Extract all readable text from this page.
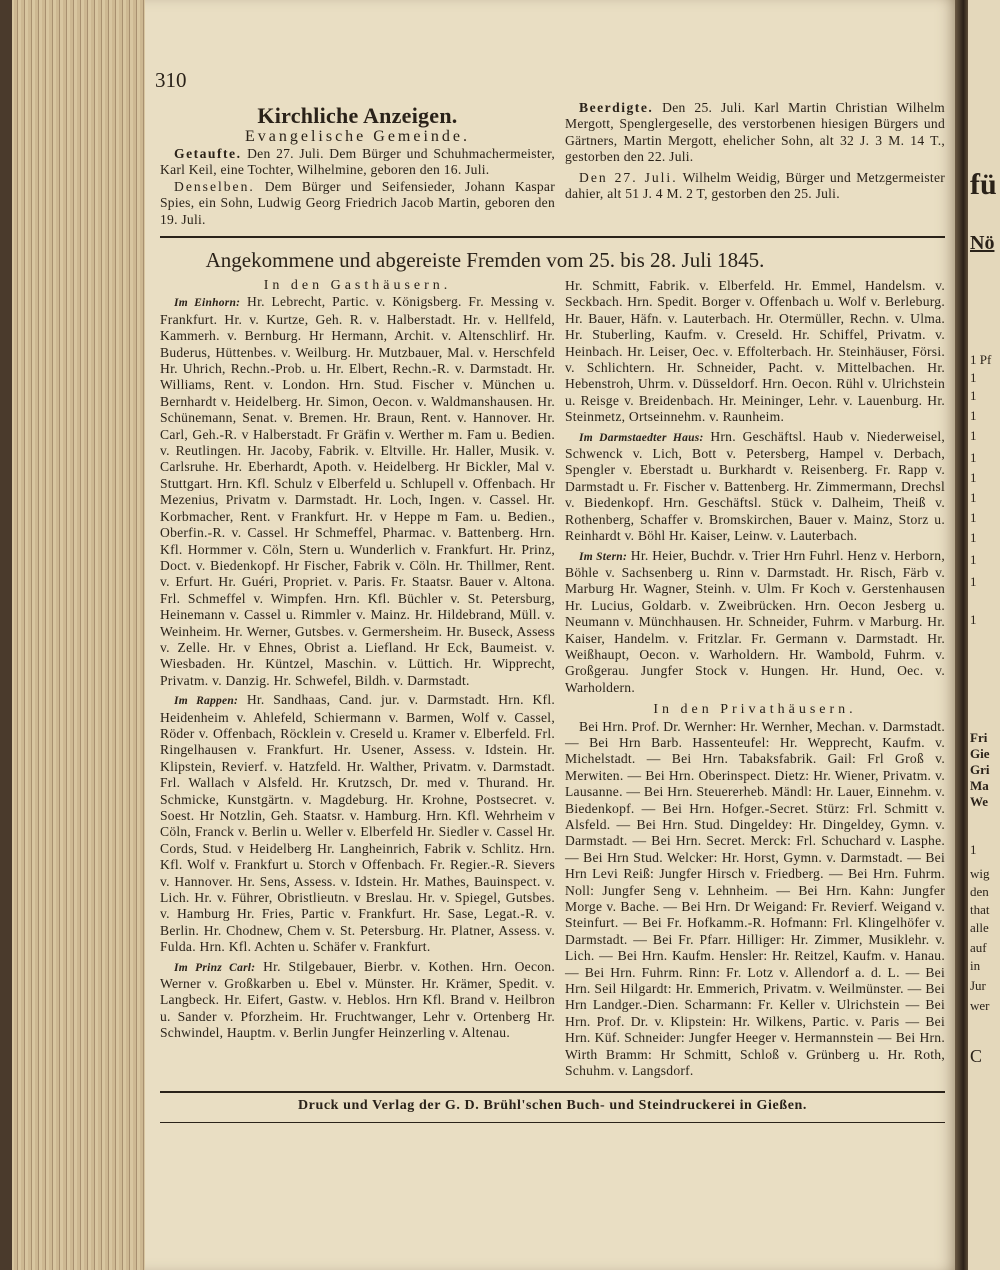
fü
Nö
1 Pf
1
1
1
1
1
1
1
1
1
1
1
1
Fri
Gie
Gri
Ma
We
1
wig
den
that
alle
auf
in
Jur
wer
C
310
Kirchliche Anzeigen.
Evangelische Gemeinde.

Getaufte. Den 27. Juli. Dem Bürger und Schuhmachermeister, Karl Keil, eine Tochter, Wilhelmine, geboren den 16. Juli.

Denselben. Dem Bürger und Seifensieder, Johann Kaspar Spies, ein Sohn, Ludwig Georg Friedrich Jacob Martin, geboren den 19. Juli.

Beerdigte. Den 25. Juli. Karl Martin Christian Wilhelm Mergott, Spenglergeselle, des verstorbenen hiesigen Bürgers und Gärtners, Martin Mergott, ehelicher Sohn, alt 32 J. 3 M. 14 T., gestorben den 22. Juli.

Den 27. Juli. Wilhelm Weidig, Bürger und Metzgermeister dahier, alt 51 J. 4 M. 2 T, gestorben den 25. Juli.

Angekommene und abgereiste Fremden vom 25. bis 28. Juli 1845.

In den Gasthäusern.

Im Einhorn: Hr. Lebrecht, Partic. v. Königsberg. Fr. Messing v. Frankfurt. Hr. v. Kurtze, Geh. R. v. Halberstadt. Hr. v. Hellfeld, Kammerh. v. Bernburg. Hr Hermann, Archit. v. Altenschlirf. Hr. Buderus, Hüttenbes. v. Weilburg. Hr. Mutzbauer, Mal. v. Herschfeld Hr. Uhrich, Rechn.-Prob. u. Hr. Elbert, Rechn.-R. v. Darmstadt. Hr. Williams, Rent. v. London. Hrn. Stud. Fischer v. München u. Bernhardt v. Heidelberg. Hr. Simon, Oecon. v. Waldmanshausen. Hr. Schünemann, Senat. v. Bremen. Hr. Braun, Rent. v. Hannover. Hr. Carl, Geh.-R. v Halberstadt. Fr Gräfin v. Werther m. Fam u. Bedien. v. Reutlingen. Hr. Jacoby, Fabrik. v. Eltville. Hr. Haller, Musik. v. Carlsruhe. Hr. Eberhardt, Apoth. v. Heidelberg. Hr Bickler, Mal v. Stuttgart. Hrn. Kfl. Schulz v Elberfeld u. Schlupell v. Offenbach. Hr Mezenius, Privatm v. Darmstadt. Hr. Loch, Ingen. v. Cassel. Hr. Korbmacher, Rent. v Frankfurt. Hr. v Heppe m Fam. u. Bedien., Oberfin.-R. v. Cassel. Hr Schmeffel, Pharmac. v. Battenberg. Hrn. Kfl. Hormmer v. Cöln, Stern u. Wunderlich v. Frankfurt. Hr. Prinz, Doct. v. Biedenkopf. Hr Fischer, Fabrik v. Cöln. Hr. Thillmer, Rent. v. Erfurt. Hr. Guéri, Propriet. v. Paris. Fr. Staatsr. Bauer v. Altona. Frl. Schmeffel v. Wimpfen. Hrn. Kfl. Büchler v. St. Petersburg, Heinemann v. Cassel u. Rimmler v. Mainz. Hr. Hildebrand, Müll. v. Weinheim. Hr. Werner, Gutsbes. v. Germersheim. Hr. Buseck, Assess v. Zelle. Hr. v Ehnes, Obrist a. Liefland. Hr Eck, Baumeist. v. Wiesbaden. Hr. Küntzel, Maschin. v. Lüttich. Hr. Wipprecht, Privatm. v. Danzig. Hr. Schwefel, Bildh. v. Darmstadt.

Im Rappen: Hr. Sandhaas, Cand. jur. v. Darmstadt. Hrn. Kfl. Heidenheim v. Ahlefeld, Schiermann v. Barmen, Wolf v. Cassel, Röder v. Offenbach, Röcklein v. Creseld u. Kramer v. Elberfeld. Frl. Ringelhausen v. Frankfurt. Hr. Usener, Assess. v. Idstein. Hr. Klipstein, Revierf. v. Hatzfeld. Hr. Walther, Privatm. v. Darmstadt. Frl. Wallach v Alsfeld. Hr. Krutzsch, Dr. med v. Thurand. Hr. Schmicke, Kunstgärtn. v. Magdeburg. Hr. Krohne, Postsecret. v. Soest. Hr Notzlin, Geh. Staatsr. v. Hamburg. Hrn. Kfl. Wehrheim v Cöln, Franck v. Berlin u. Weller v. Elberfeld Hr. Siedler v. Cassel Hr. Cords, Stud. v Heidelberg Hr. Langheinrich, Fabrik v. Schlitz. Hrn. Kfl. Wolf v. Frankfurt u. Storch v Offenbach. Fr. Regier.-R. Sievers v. Hannover. Hr. Sens, Assess. v. Idstein. Hr. Mathes, Bauinspect. v. Lich. Hr. v. Führer, Obristlieutn. v Breslau. Hr. v. Spiegel, Gutsbes. v. Hamburg Hr. Fries, Partic v. Frankfurt. Hr. Sase, Legat.-R. v. Berlin. Hr. Chodnew, Chem v. St. Petersburg. Hr. Platner, Assess. v. Fulda. Hrn. Kfl. Achten u. Schäfer v. Frankfurt.

Im Prinz Carl: Hr. Stilgebauer, Bierbr. v. Kothen. Hrn. Oecon. Werner v. Großkarben u. Ebel v. Münster. Hr. Krämer, Spedit. v. Langbeck. Hr. Eifert, Gastw. v. Heblos. Hrn Kfl. Brand v. Heilbron u. Sander v. Pforzheim. Hr. Fruchtwanger, Lehr v. Ortenberg Hr. Schwindel, Hauptm. v. Berlin Jungfer Heinzerling v. Altenau.

Hr. Schmitt, Fabrik. v. Elberfeld. Hr. Emmel, Handelsm. v. Seckbach. Hrn. Spedit. Borger v. Offenbach u. Wolf v. Berleburg. Hr. Bauer, Häfn. v. Lauterbach. Hr. Otermüller, Rechn. v. Ulma. Hr. Stuberling, Kaufm. v. Creseld. Hr. Schiffel, Privatm. v. Heinbach. Hr. Leiser, Oec. v. Effolterbach. Hr. Steinhäuser, Försi. v. Schlichtern. Hr. Schneider, Pacht. v. Mittelbachen. Hr. Hebenstroh, Uhrm. v. Düsseldorf. Hrn. Oecon. Rühl v. Ulrichstein u. Reisge v. Breidenbach. Hr. Meininger, Lehr. v. Lauenburg. Hr. Steinmetz, Ortseinnehm. v. Raunheim.

Im Darmstaedter Haus: Hrn. Geschäftsl. Haub v. Niederweisel, Schwenck v. Lich, Bott v. Petersberg, Hampel v. Derbach, Spengler v. Eberstadt u. Burkhardt v. Reisenberg. Fr. Rapp v. Darmstadt u. Fr. Fischer v. Battenberg. Hr. Zimmermann, Drechsl v. Biedenkopf. Hrn. Geschäftsl. Stück v. Dalheim, Theiß v. Rothenberg, Schaffer v. Bromskirchen, Bauer v. Mainz, Storz u. Reinhardt v. Böhl Hr. Kaiser, Leinw. v. Lauterbach.

Im Stern: Hr. Heier, Buchdr. v. Trier Hrn Fuhrl. Henz v. Herborn, Böhle v. Sachsenberg u. Rinn v. Darmstadt. Hr. Risch, Färb v. Marburg Hr. Wagner, Steinh. v. Ulm. Fr Koch v. Gerstenhausen Hr. Lucius, Goldarb. v. Zweibrücken. Hrn. Oecon Jesberg u. Neumann v. Münchhausen. Hr. Schneider, Fuhrm. v Marburg. Hr. Kaiser, Handelm. v. Fritzlar. Fr. Germann v. Darmstadt. Hr. Weißhaupt, Oecon. v. Warholdern. Hr. Wambold, Fuhrm. v. Großgerau. Jungfer Stock v. Hungen. Hr. Hund, Oec. v. Warholdern.

In den Privathäusern.

Bei Hrn. Prof. Dr. Wernher: Hr. Wernher, Mechan. v. Darmstadt. — Bei Hrn Barb. Hassenteufel: Hr. Wepprecht, Kaufm. v. Michelstadt. — Bei Hrn. Tabaksfabrik. Gail: Frl Groß v. Merwiten. — Bei Hrn. Oberinspect. Dietz: Hr. Wiener, Privatm. v. Lausanne. — Bei Hrn. Steuererheb. Mändl: Hr. Lauer, Einnehm. v. Biedenkopf. — Bei Hrn. Hofger.-Secret. Stürz: Frl. Schmitt v. Alsfeld. — Bei Hrn. Stud. Dingeldey: Hr. Dingeldey, Gymn. v. Darmstadt. — Bei Hrn. Secret. Merck: Frl. Schuchard v. Lasphe. — Bei Hrn Stud. Welcker: Hr. Horst, Gymn. v. Darmstadt. — Bei Hrn Levi Reiß: Jungfer Hirsch v. Friedberg. — Bei Hrn. Fuhrm. Noll: Jungfer Seng v. Lehnheim. — Bei Hrn. Kahn: Jungfer Morge v. Bache. — Bei Hrn. Dr Weigand: Fr. Revierf. Weigand v. Steinfurt. — Bei Fr. Hofkamm.-R. Hofmann: Frl. Klingelhöfer v. Darmstadt. — Bei Fr. Pfarr. Hilliger: Hr. Zimmer, Musiklehr. v. Lich. — Bei Hrn. Kaufm. Hensler: Hr. Reitzel, Kaufm. v. Hanau. — Bei Hrn. Fuhrm. Rinn: Fr. Lotz v. Allendorf a. d. L. — Bei Hrn. Seil Hilgardt: Hr. Emmerich, Privatm. v. Weilmünster. — Bei Hrn Landger.-Dien. Scharmann: Fr. Keller v. Ulrichstein — Bei Hrn. Prof. Dr. v. Klipstein: Hr. Wilkens, Partic. v. Paris — Bei Hrn. Küf. Schneider: Jungfer Heeger v. Hermannstein — Bei Hrn. Wirth Bramm: Hr Schmitt, Schloß v. Grünberg u. Hr. Roth, Schuhm. v. Langsdorf.

Druck und Verlag der G. D. Brühl'schen Buch- und Steindruckerei in Gießen.
